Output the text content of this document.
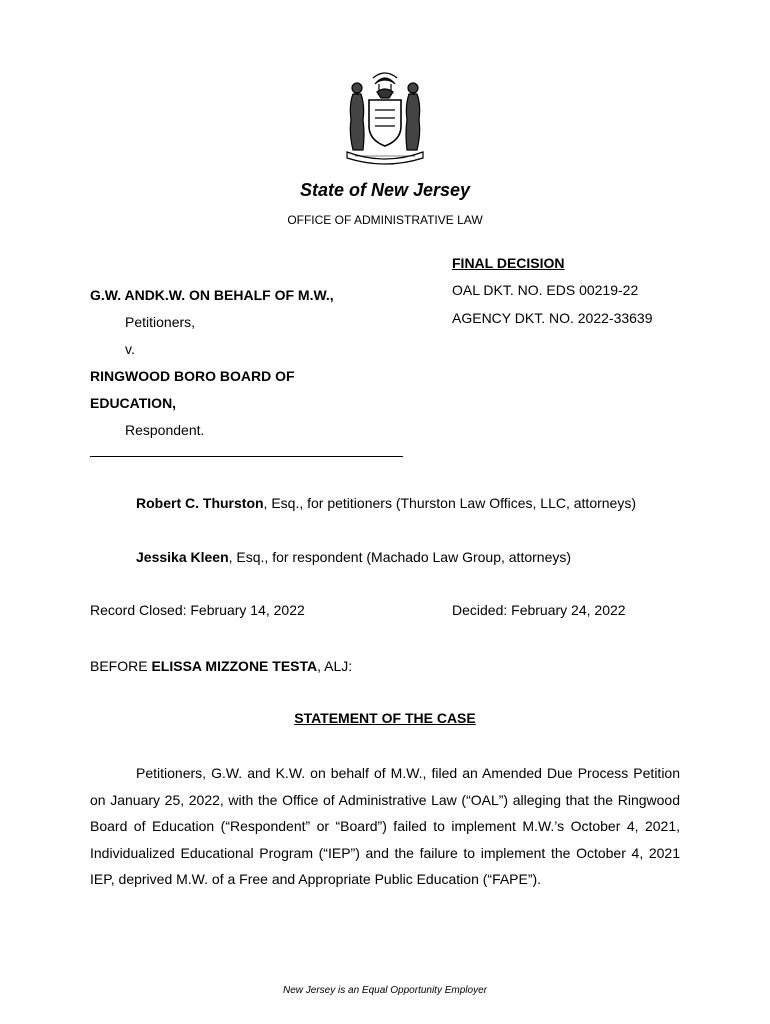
State of New Jersey
OFFICE OF ADMINISTRATIVE LAW
FINAL DECISION
OAL DKT. NO. EDS 00219-22
AGENCY DKT. NO. 2022-33639
G.W. ANDK.W. ON BEHALF OF M.W.,
Petitioners,
v.
RINGWOOD BORO BOARD OF
EDUCATION,
Respondent.
Robert C. Thurston, Esq., for petitioners (Thurston Law Offices, LLC, attorneys)
Jessika Kleen, Esq., for respondent (Machado Law Group, attorneys)
Record Closed: February 14, 2022	Decided: February 24, 2022
BEFORE ELISSA MIZZONE TESTA, ALJ:
STATEMENT OF THE CASE
Petitioners, G.W. and K.W. on behalf of M.W., filed an Amended Due Process Petition on January 25, 2022, with the Office of Administrative Law (“OAL”) alleging that the Ringwood Board of Education (“Respondent” or “Board”) failed to implement M.W.’s October 4, 2021, Individualized Educational Program (“IEP”) and the failure to implement the October 4, 2021 IEP, deprived M.W. of a Free and Appropriate Public Education (“FAPE”).
New Jersey is an Equal Opportunity Employer
